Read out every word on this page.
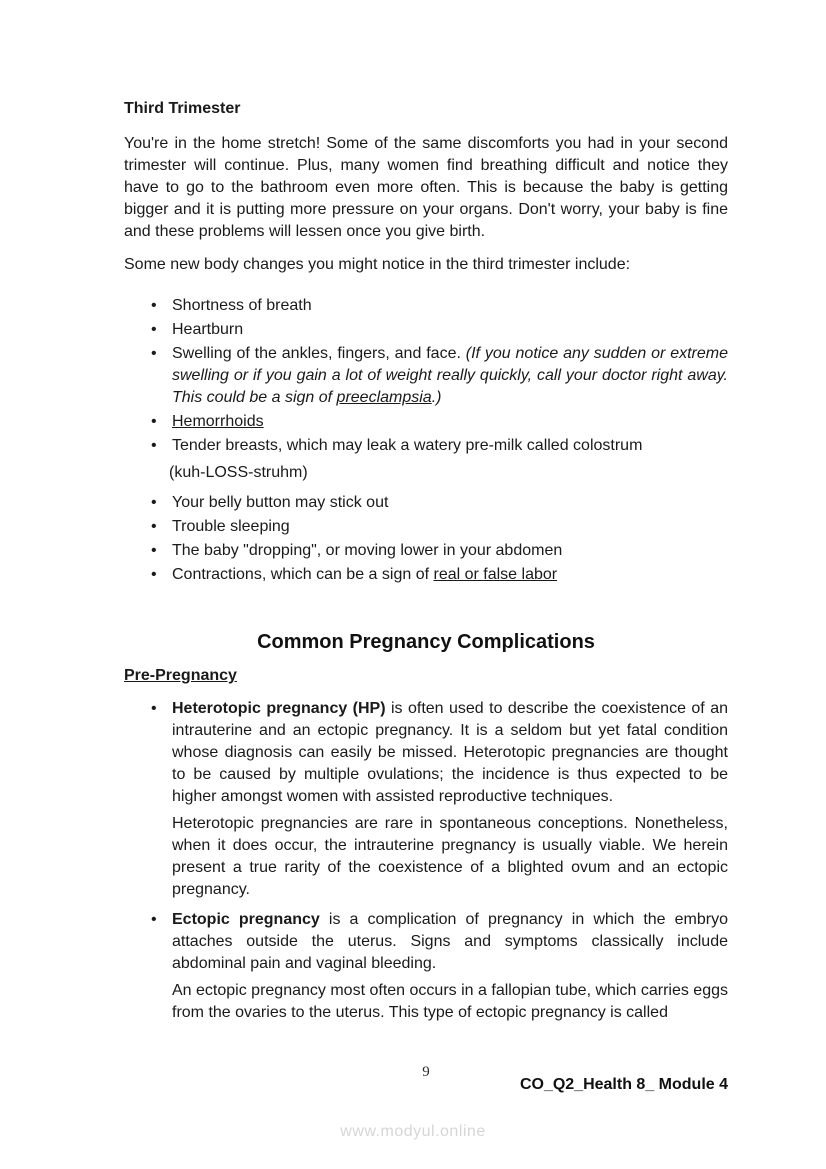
Third Trimester

You're in the home stretch! Some of the same discomforts you had in your second trimester will continue. Plus, many women find breathing difficult and notice they have to go to the bathroom even more often. This is because the baby is getting bigger and it is putting more pressure on your organs. Don't worry, your baby is fine and these problems will lessen once you give birth.

Some new body changes you might notice in the third trimester include:

• Shortness of breath
• Heartburn
• Swelling of the ankles, fingers, and face. (If you notice any sudden or extreme swelling or if you gain a lot of weight really quickly, call your doctor right away. This could be a sign of preeclampsia.)
• Hemorrhoids
• Tender breasts, which may leak a watery pre-milk called colostrum

(kuh-LOSS-struhm)

• Your belly button may stick out
• Trouble sleeping
• The baby "dropping", or moving lower in your abdomen
• Contractions, which can be a sign of real or false labor
Common Pregnancy Complications
Pre-Pregnancy

• Heterotopic pregnancy (HP) is often used to describe the coexistence of an intrauterine and an ectopic pregnancy. It is a seldom but yet fatal condition whose diagnosis can easily be missed. Heterotopic pregnancies are thought to be caused by multiple ovulations; the incidence is thus expected to be higher amongst women with assisted reproductive techniques.

Heterotopic pregnancies are rare in spontaneous conceptions. Nonetheless, when it does occur, the intrauterine pregnancy is usually viable. We herein present a true rarity of the coexistence of a blighted ovum and an ectopic pregnancy.

• Ectopic pregnancy is a complication of pregnancy in which the embryo attaches outside the uterus. Signs and symptoms classically include abdominal pain and vaginal bleeding.

An ectopic pregnancy most often occurs in a fallopian tube, which carries eggs from the ovaries to the uterus. This type of ectopic pregnancy is called

9
CO_Q2_Health 8_ Module 4
www.modyul.online
